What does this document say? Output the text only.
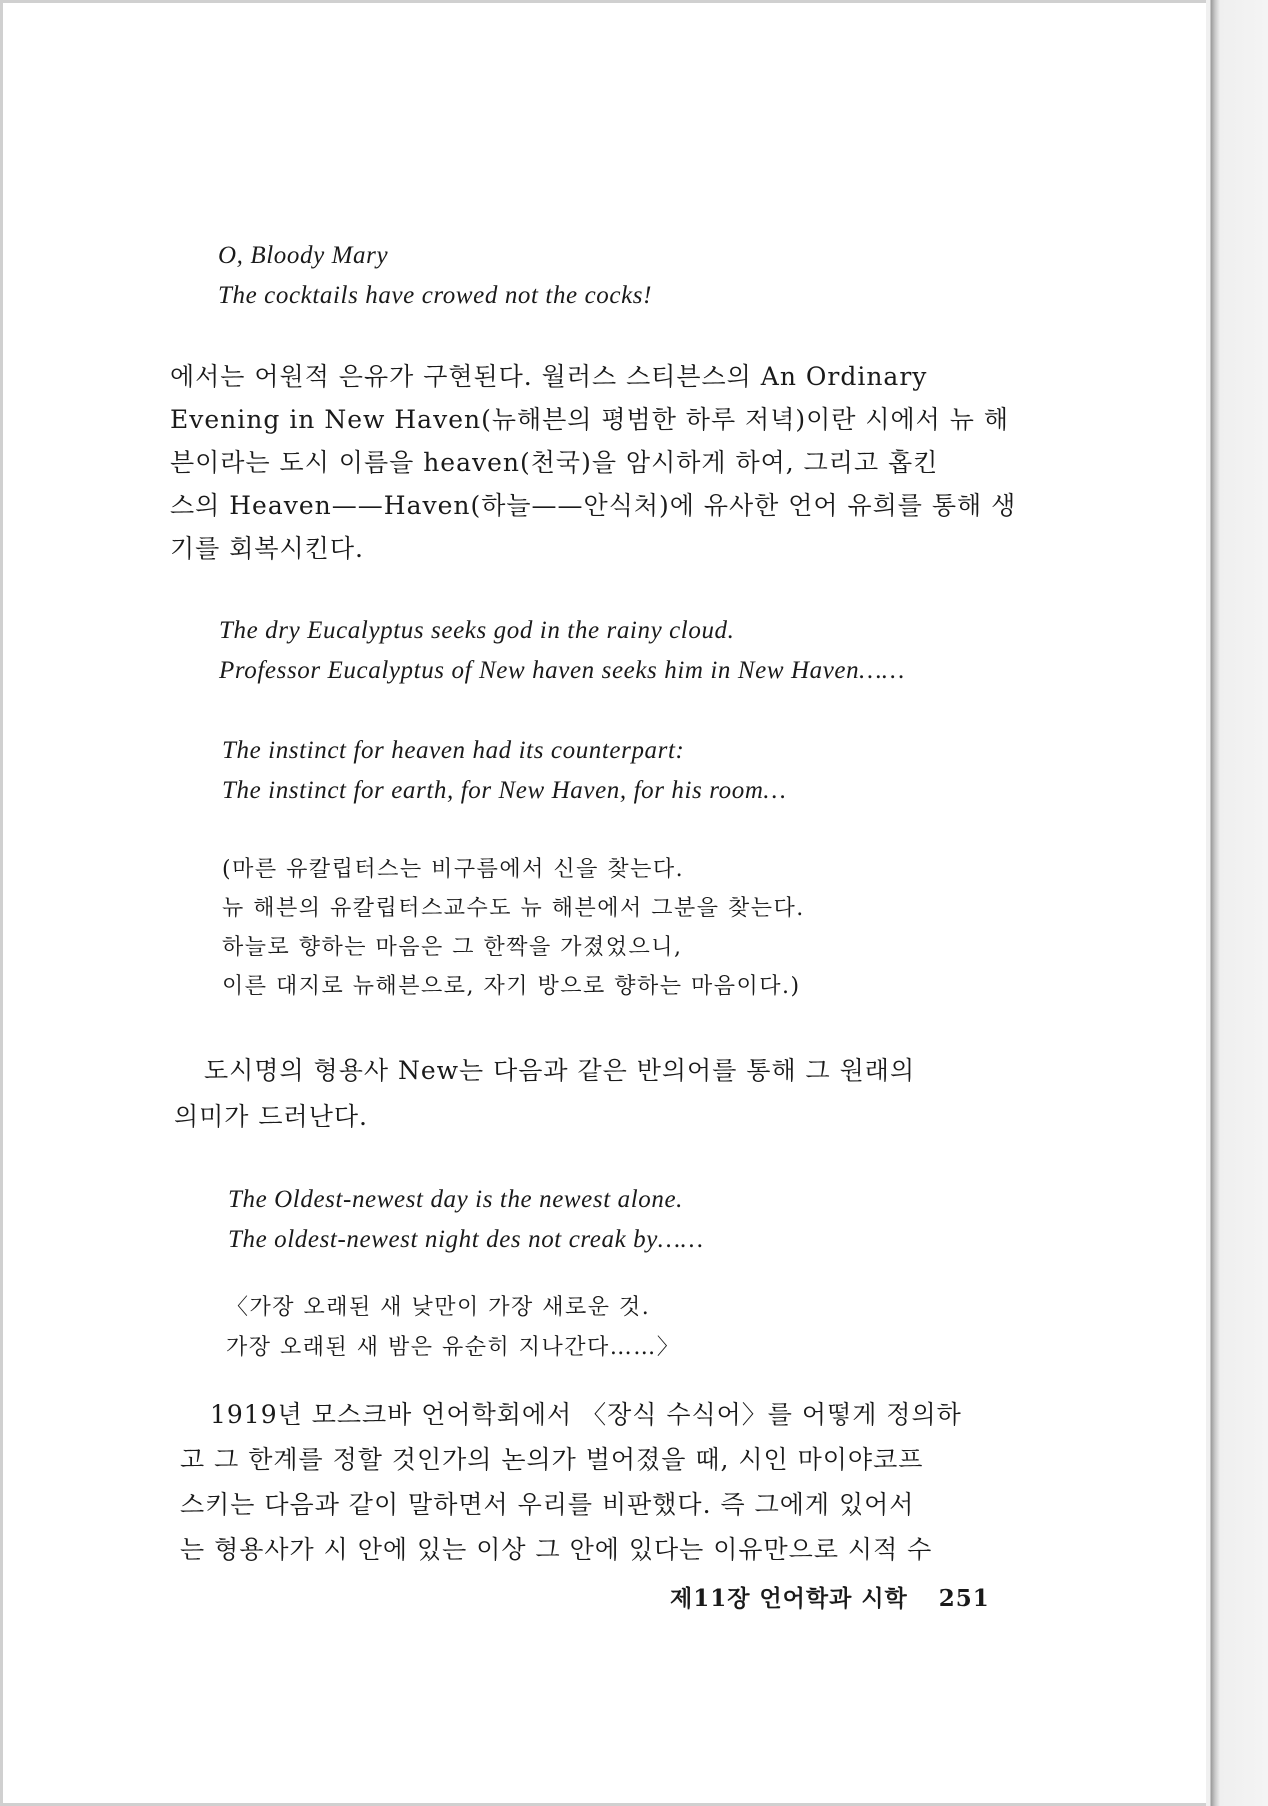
O, Bloody Mary
The cocktails have crowed not the cocks!
에서는 어원적 은유가 구현된다. 월러스 스티븐스의 An Ordinary
Evening in New Haven(뉴해븐의 평범한 하루 저녁)이란 시에서 뉴 해
븐이라는 도시 이름을 heaven(천국)을 암시하게 하여, 그리고 홉킨
스의 Heaven——Haven(하늘——안식처)에 유사한 언어 유희를 통해 생
기를 회복시킨다.
The dry Eucalyptus seeks god in the rainy cloud.
Professor Eucalyptus of New haven seeks him in New Haven……
The instinct for heaven had its counterpart:
The instinct for earth, for New Haven, for his room…
(마른 유칼립터스는 비구름에서 신을 찾는다.
뉴 해븐의 유칼립터스교수도 뉴 해븐에서 그분을 찾는다.
하늘로 향하는 마음은 그 한짝을 가졌었으니,
이른 대지로 뉴해븐으로, 자기 방으로 향하는 마음이다.)
도시명의 형용사 New는 다음과 같은 반의어를 통해 그 원래의
의미가 드러난다.
The Oldest-newest day is the newest alone.
The oldest-newest night des not creak by……
〈가장 오래된 새 낮만이 가장 새로운 것.
가장 오래된 새 밤은 유순히 지나간다……〉
1919년 모스크바 언어학회에서 〈장식 수식어〉를 어떻게 정의하
고 그 한계를 정할 것인가의 논의가 벌어졌을 때, 시인 마이야코프
스키는 다음과 같이 말하면서 우리를 비판했다. 즉 그에게 있어서
는 형용사가 시 안에 있는 이상 그 안에 있다는 이유만으로 시적 수
제11장 언어학과 시학 251
